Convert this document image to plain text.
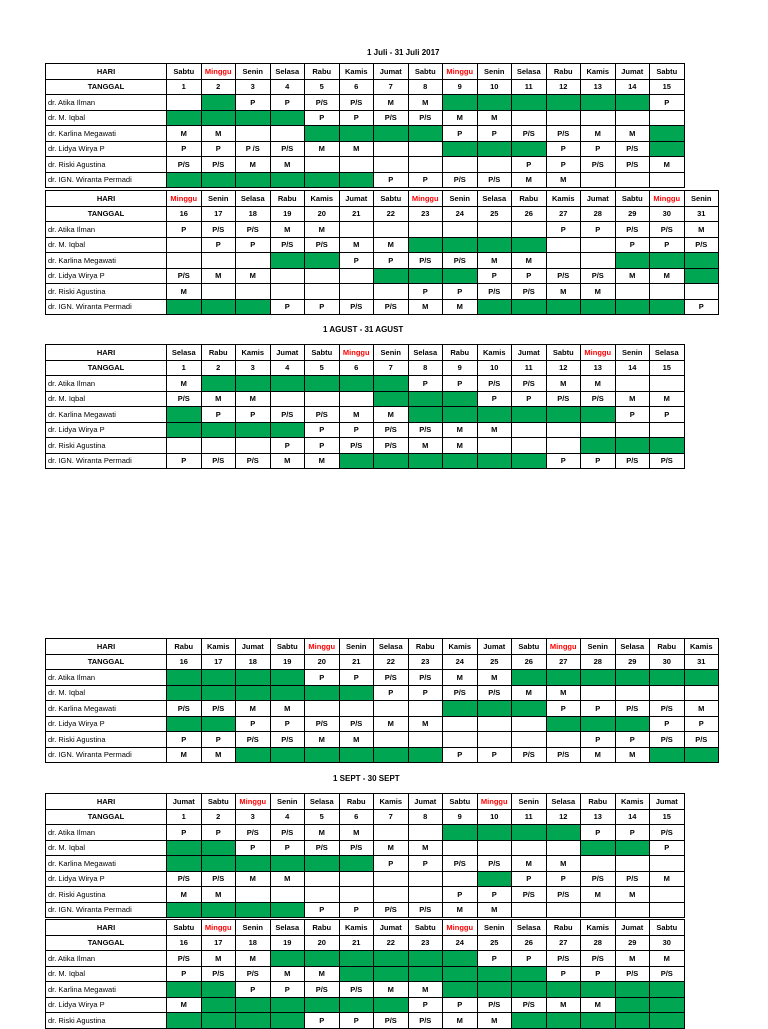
1 Juli - 31 Juli 2017
HARI	Sabtu	Minggu	Senin	Selasa	Rabu	Kamis	Jumat	Sabtu	Minggu	Senin	Selasa	Rabu	Kamis	Jumat	Sabtu
TANGGAL	1	2	3	4	5	6	7	8	9	10	11	12	13	14	15
dr. Atika Ilman			P	P	P/S	P/S	M	M							P
dr. M. Iqbal					P	P	P/S	P/S	M	M					
dr. Karlina Megawati	M	M							P	P	P/S	P/S	M	M	
dr. Lidya Wirya P	P	P	P /S	P/S	M	M						P	P	P/S	
dr. Riski Agustina	P/S	P/S	M	M							P	P	P/S	P/S	M
dr. IGN. Wiranta Permadi							P	P	P/S	P/S	M	M			
HARI	Minggu	Senin	Selasa	Rabu	Kamis	Jumat	Sabtu	Minggu	Senin	Selasa	Rabu	Kamis	Jumat	Sabtu	Minggu	Senin
TANGGAL	16	17	18	19	20	21	22	23	24	25	26	27	28	29	30	31
dr. Atika Ilman	P	P/S	P/S	M	M							P	P	P/S	P/S	M
dr. M. Iqbal		P	P	P/S	P/S	M	M							P	P	P/S
dr. Karlina Megawati						P	P	P/S	P/S	M	M					
dr. Lidya Wirya P	P/S	M	M							P	P	P/S	P/S	M	M	
dr. Riski Agustina	M							P	P	P/S	P/S	M	M			
dr. IGN. Wiranta Permadi				P	P	P/S	P/S	M	M							P
1 AGUST - 31 AGUST
HARI	Selasa	Rabu	Kamis	Jumat	Sabtu	Minggu	Senin	Selasa	Rabu	Kamis	Jumat	Sabtu	Minggu	Senin	Selasa
TANGGAL	1	2	3	4	5	6	7	8	9	10	11	12	13	14	15
dr. Atika Ilman	M							P	P	P/S	P/S	M	M		
dr. M. Iqbal	P/S	M	M							P	P	P/S	P/S	M	M
dr. Karlina Megawati		P	P	P/S	P/S	M	M							P	P
dr. Lidya Wirya P					P	P	P/S	P/S	M	M					
dr. Riski Agustina				P	P	P/S	P/S	M	M						
dr. IGN. Wiranta Permadi	P	P/S	P/S	M	M							P	P	P/S	P/S
HARI	Rabu	Kamis	Jumat	Sabtu	Minggu	Senin	Selasa	Rabu	Kamis	Jumat	Sabtu	Minggu	Senin	Selasa	Rabu	Kamis
TANGGAL	16	17	18	19	20	21	22	23	24	25	26	27	28	29	30	31
dr. Atika Ilman					P	P	P/S	P/S	M	M						
dr. M. Iqbal							P	P	P/S	P/S	M	M				
dr. Karlina Megawati	P/S	P/S	M	M								P	P	P/S	P/S	M
dr. Lidya Wirya P			P	P	P/S	P/S	M	M							P	P
dr. Riski Agustina	P	P	P/S	P/S	M	M							P	P	P/S	P/S
dr. IGN. Wiranta Permadi	M	M							P	P	P/S	P/S	M	M		
1 SEPT - 30 SEPT
HARI	Jumat	Sabtu	Minggu	Senin	Selasa	Rabu	Kamis	Jumat	Sabtu	Minggu	Senin	Selasa	Rabu	Kamis	Jumat
TANGGAL	1	2	3	4	5	6	7	8	9	10	11	12	13	14	15
dr. Atika Ilman	P	P	P/S	P/S	M	M							P	P	P/S
dr. M. Iqbal			P	P	P/S	P/S	M	M							P
dr. Karlina Megawati							P	P	P/S	P/S	M	M			
dr. Lidya Wirya P	P/S	P/S	M	M							P	P	P/S	P/S	M
dr. Riski Agustina	M	M							P	P	P/S	P/S	M	M	
dr. IGN. Wiranta Permadi					P	P	P/S	P/S	M	M					
HARI	Sabtu	Minggu	Senin	Selasa	Rabu	Kamis	Jumat	Sabtu	Minggu	Senin	Selasa	Rabu	Kamis	Jumat	Sabtu
TANGGAL	16	17	18	19	20	21	22	23	24	25	26	27	28	29	30
dr. Atika Ilman	P/S	M	M							P	P	P/S	P/S	M	M
dr. M. Iqbal	P	P/S	P/S	M	M							P	P	P/S	P/S
dr. Karlina Megawati			P	P	P/S	P/S	M	M							
dr. Lidya Wirya P	M							P	P	P/S	P/S	M	M		
dr. Riski Agustina					P	P	P/S	P/S	M	M					
